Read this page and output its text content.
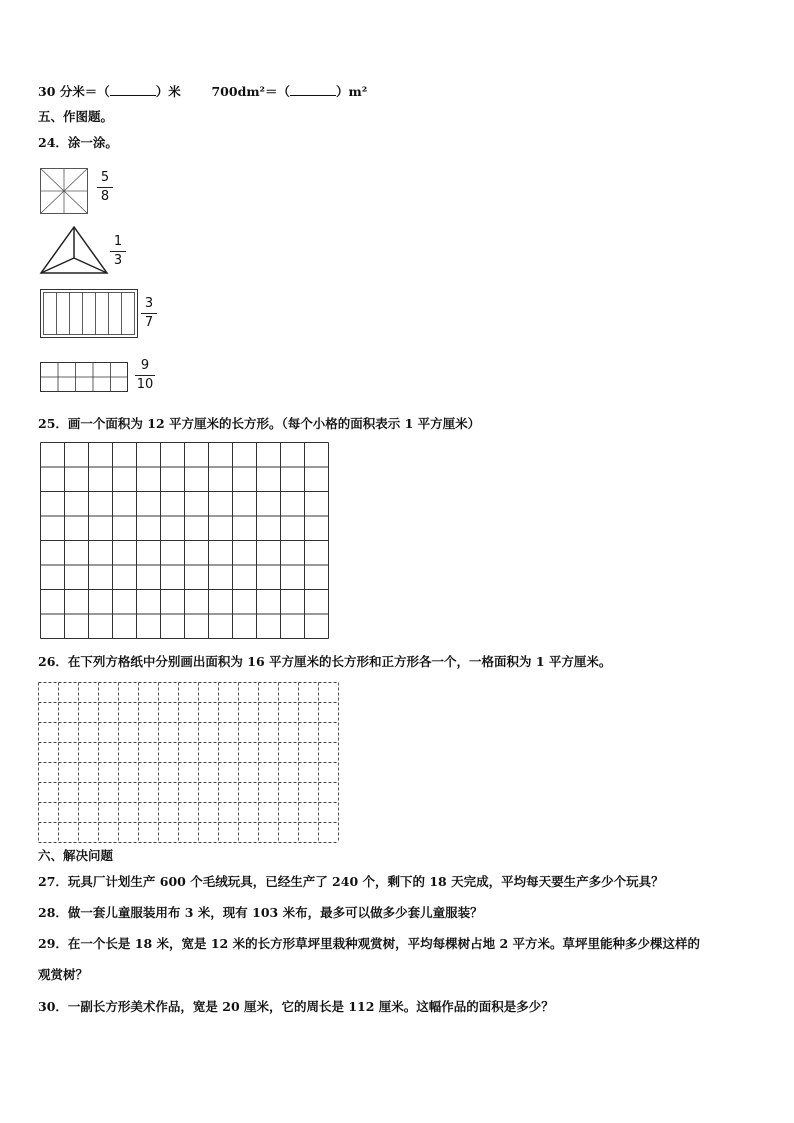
30 分米＝（	）米 700dm²＝（	）m²
五、作图题。
24．涂一涂。
5
8
1
3
3
7
9
10
25．画一个面积为 12 平方厘米的长方形。（每个小格的面积表示 1 平方厘米）
26．在下列方格纸中分别画出面积为 16 平方厘米的长方形和正方形各一个，一格面积为 1 平方厘米。
六、解决问题
27．玩具厂计划生产 600 个毛绒玩具，已经生产了 240 个，剩下的 18 天完成，平均每天要生产多少个玩具？
28．做一套儿童服装用布 3 米，现有 103 米布，最多可以做多少套儿童服装？
29．在一个长是 18 米，宽是 12 米的长方形草坪里栽种观赏树，平均每棵树占地 2 平方米。草坪里能种多少棵这样的
观赏树？
30．一副长方形美术作品，宽是 20 厘米，它的周长是 112 厘米。这幅作品的面积是多少？
